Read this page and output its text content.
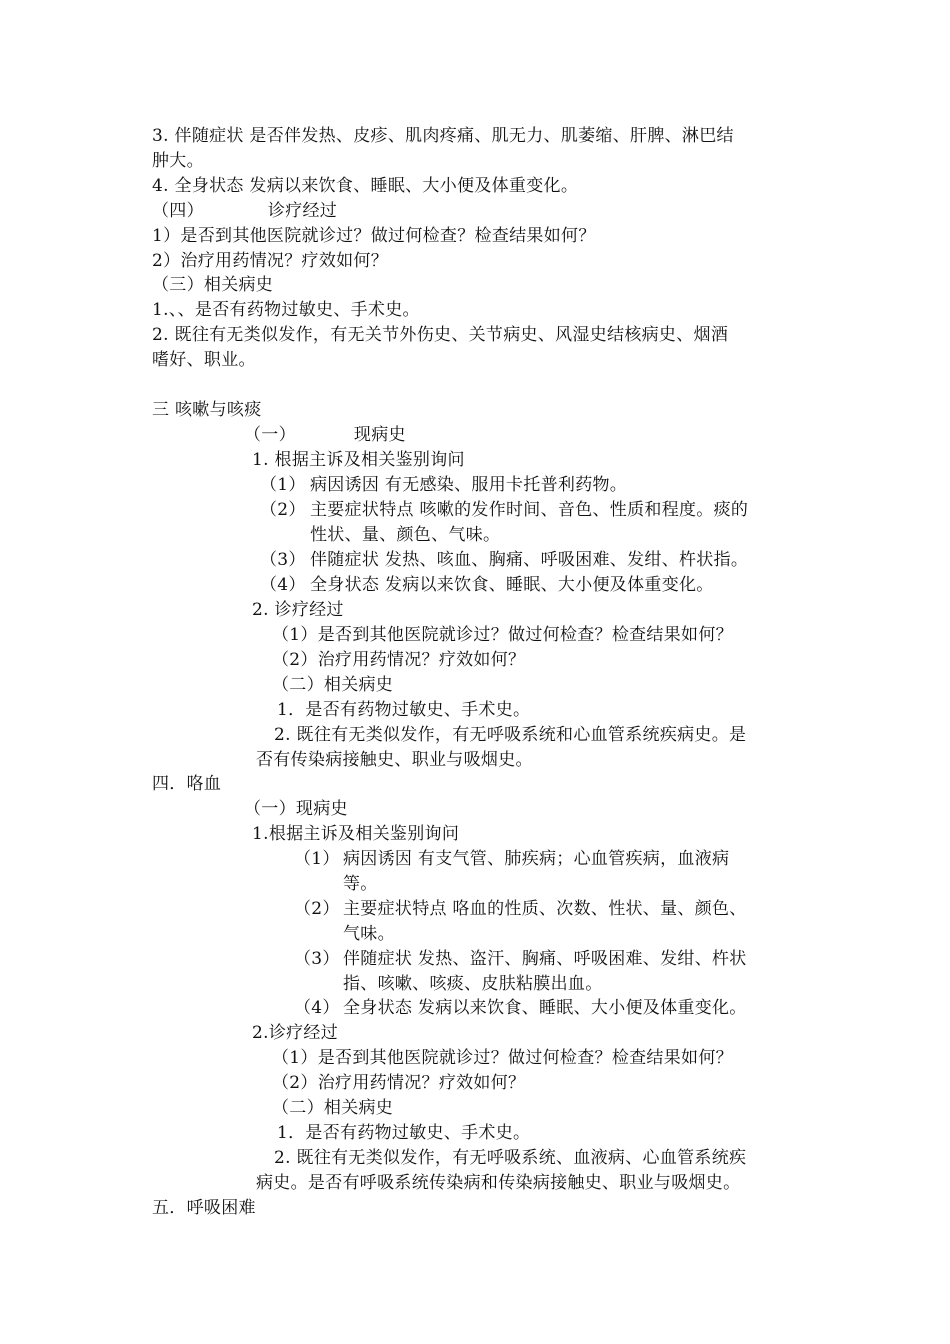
3. 伴随症状 是否伴发热、皮疹、肌肉疼痛、肌无力、肌萎缩、肝脾、淋巴结
肿大。
4. 全身状态 发病以来饮食、睡眠、大小便及体重变化。
（四）	诊疗经过
1）是否到其他医院就诊过？做过何检查？检查结果如何？
2）治疗用药情况？疗效如何？
（三）相关病史
1.、、是否有药物过敏史、手术史。
2. 既往有无类似发作，有无关节外伤史、关节病史、风湿史结核病史、烟酒
嗜好、职业。
三 咳嗽与咳痰
（一）	现病史
1. 根据主诉及相关鉴别询问
（1） 病因诱因 有无感染、服用卡托普利药物。
（2） 主要症状特点 咳嗽的发作时间、音色、性质和程度。痰的
性状、量、颜色、气味。
（3） 伴随症状 发热、咳血、胸痛、呼吸困难、发绀、杵状指。
（4） 全身状态 发病以来饮食、睡眠、大小便及体重变化。
2. 诊疗经过
（1）是否到其他医院就诊过？做过何检查？检查结果如何？
（2）治疗用药情况？疗效如何？
（二）相关病史
1．是否有药物过敏史、手术史。
2. 既往有无类似发作，有无呼吸系统和心血管系统疾病史。是
否有传染病接触史、职业与吸烟史。
四．咯血
（一）现病史
1.根据主诉及相关鉴别询问
（1） 病因诱因 有支气管、肺疾病；心血管疾病，血液病
等。
（2） 主要症状特点 咯血的性质、次数、性状、量、颜色、
气味。
（3） 伴随症状 发热、盗汗、胸痛、呼吸困难、发绀、杵状
指、咳嗽、咳痰、皮肤粘膜出血。
（4） 全身状态 发病以来饮食、睡眠、大小便及体重变化。
2.诊疗经过
（1）是否到其他医院就诊过？做过何检查？检查结果如何？
（2）治疗用药情况？疗效如何？
（二）相关病史
1．是否有药物过敏史、手术史。
2. 既往有无类似发作，有无呼吸系统、血液病、心血管系统疾
病史。是否有呼吸系统传染病和传染病接触史、职业与吸烟史。
五．呼吸困难
